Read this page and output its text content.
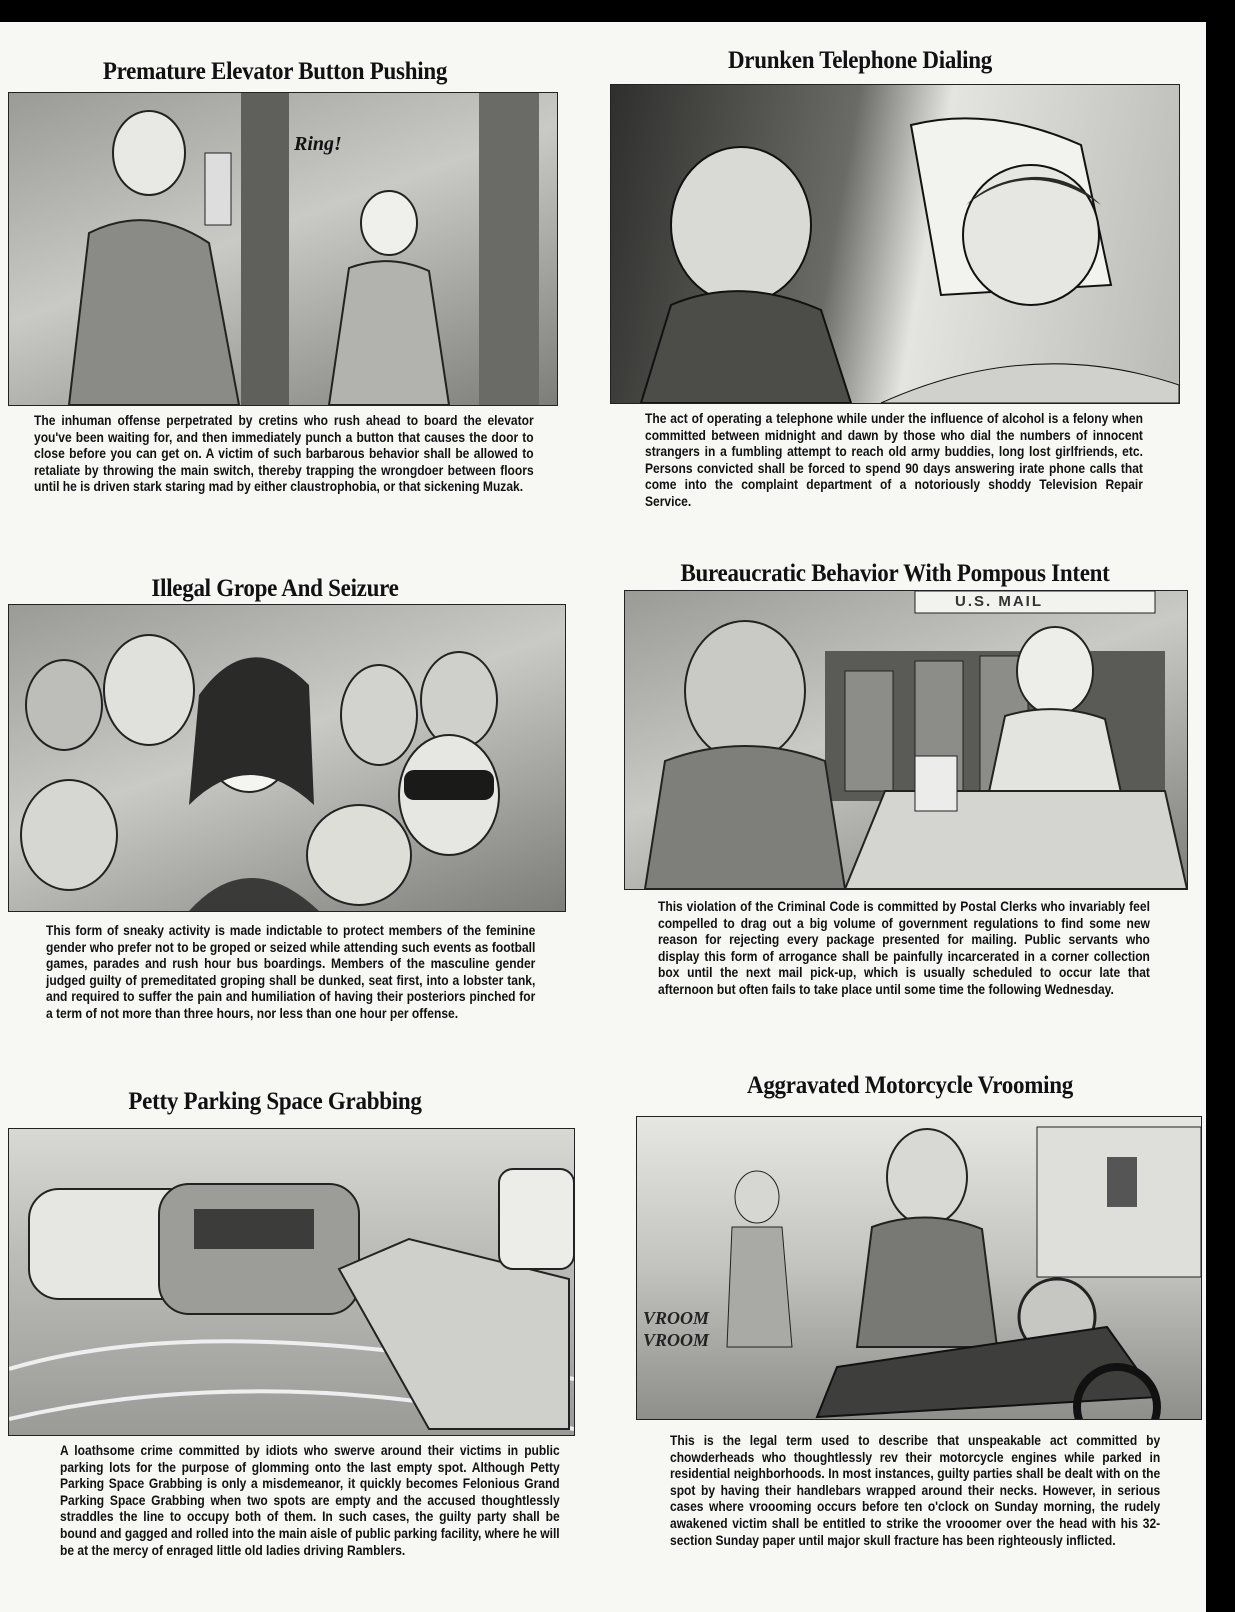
Premature Elevator Button Pushing
Ring!

The inhuman offense perpetrated by cretins who rush ahead to board the elevator you've been waiting for, and then immediately punch a button that causes the door to close before you can get on. A victim of such barbarous behavior shall be allowed to retaliate by throwing the main switch, thereby trapping the wrongdoer between floors until he is driven stark staring mad by either claustrophobia, or that sickening Muzak.

Drunken Telephone Dialing

The act of operating a telephone while under the influence of alcohol is a felony when committed between midnight and dawn by those who dial the numbers of innocent strangers in a fumbling attempt to reach old army buddies, long lost girlfriends, etc. Persons convicted shall be forced to spend 90 days answering irate phone calls that come into the complaint department of a notoriously shoddy Television Repair Service.

Illegal Grope And Seizure

This form of sneaky activity is made indictable to protect members of the feminine gender who prefer not to be groped or seized while attending such events as football games, parades and rush hour bus boardings. Members of the masculine gender judged guilty of premeditated groping shall be dunked, seat first, into a lobster tank, and required to suffer the pain and humiliation of having their posteriors pinched for a term of not more than three hours, nor less than one hour per offense.

Bureaucratic Behavior With Pompous Intent
U.S. MAIL

This violation of the Criminal Code is committed by Postal Clerks who invariably feel compelled to drag out a big volume of government regulations to find some new reason for rejecting every package presented for mailing. Public servants who display this form of arrogance shall be painfully incarcerated in a corner collection box until the next mail pick-up, which is usually scheduled to occur late that afternoon but often fails to take place until some time the following Wednesday.

Petty Parking Space Grabbing

A loathsome crime committed by idiots who swerve around their victims in public parking lots for the purpose of glomming onto the last empty spot. Although Petty Parking Space Grabbing is only a misdemeanor, it quickly becomes Felonious Grand Parking Space Grabbing when two spots are empty and the accused thoughtlessly straddles the line to occupy both of them. In such cases, the guilty party shall be bound and gagged and rolled into the main aisle of public parking facility, where he will be at the mercy of enraged little old ladies driving Ramblers.

Aggravated Motorcycle Vrooming
VROOM VROOM

This is the legal term used to describe that unspeakable act committed by chowderheads who thoughtlessly rev their motorcycle engines while parked in residential neighborhoods. In most instances, guilty parties shall be dealt with on the spot by having their handlebars wrapped around their necks. However, in serious cases where vroooming occurs before ten o'clock on Sunday morning, the rudely awakened victim shall be entitled to strike the vrooomer over the head with his 32-section Sunday paper until major skull fracture has been righteously inflicted.
